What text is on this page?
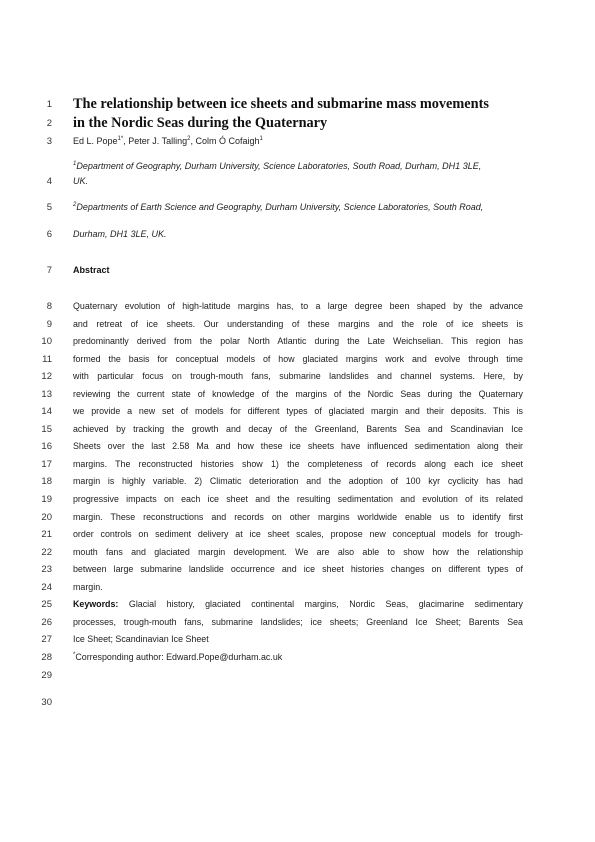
1
2
3
4
5
6
7
8
9
10
11
12
13
14
15
16
17
18
19
20
21
22
23
24
25
26
27
28
29
30
The relationship between ice sheets and submarine mass movements
in the Nordic Seas during the Quaternary
Ed L. Pope$^{1*}$, Peter J. Talling$^2$, Colm Ó Cofaigh$^1$
$^1$Department of Geography, Durham University, Science Laboratories, South Road, Durham, DH1 3LE,
UK.
$^2$Departments of Earth Science and Geography, Durham University, Science Laboratories, South Road,
Durham, DH1 3LE, UK.
Abstract
Quaternary evolution of high-latitude margins has, to a large degree been shaped by the advance
and retreat of ice sheets. Our understanding of these margins and the role of ice sheets is
predominantly derived from the polar North Atlantic during the Late Weichselian. This region has
formed the basis for conceptual models of how glaciated margins work and evolve through time
with particular focus on trough-mouth fans, submarine landslides and channel systems. Here, by
reviewing the current state of knowledge of the margins of the Nordic Seas during the Quaternary
we provide a new set of models for different types of glaciated margin and their deposits. This is
achieved by tracking the growth and decay of the Greenland, Barents Sea and Scandinavian Ice
Sheets over the last 2.58 Ma and how these ice sheets have influenced sedimentation along their
margins. The reconstructed histories show 1) the completeness of records along each ice sheet
margin is highly variable. 2) Climatic deterioration and the adoption of 100 kyr cyclicity has had
progressive impacts on each ice sheet and the resulting sedimentation and evolution of its related
margin. These reconstructions and records on other margins worldwide enable us to identify first
order controls on sediment delivery at ice sheet scales, propose new conceptual models for trough-
mouth fans and glaciated margin development. We are also able to show how the relationship
between large submarine landslide occurrence and ice sheet histories changes on different types of
margin.
Keywords: Glacial history, glaciated continental margins, Nordic Seas, glacimarine sedimentary
processes, trough-mouth fans, submarine landslides; ice sheets; Greenland Ice Sheet; Barents Sea
Ice Sheet; Scandinavian Ice Sheet
*Corresponding author: Edward.Pope@durham.ac.uk
